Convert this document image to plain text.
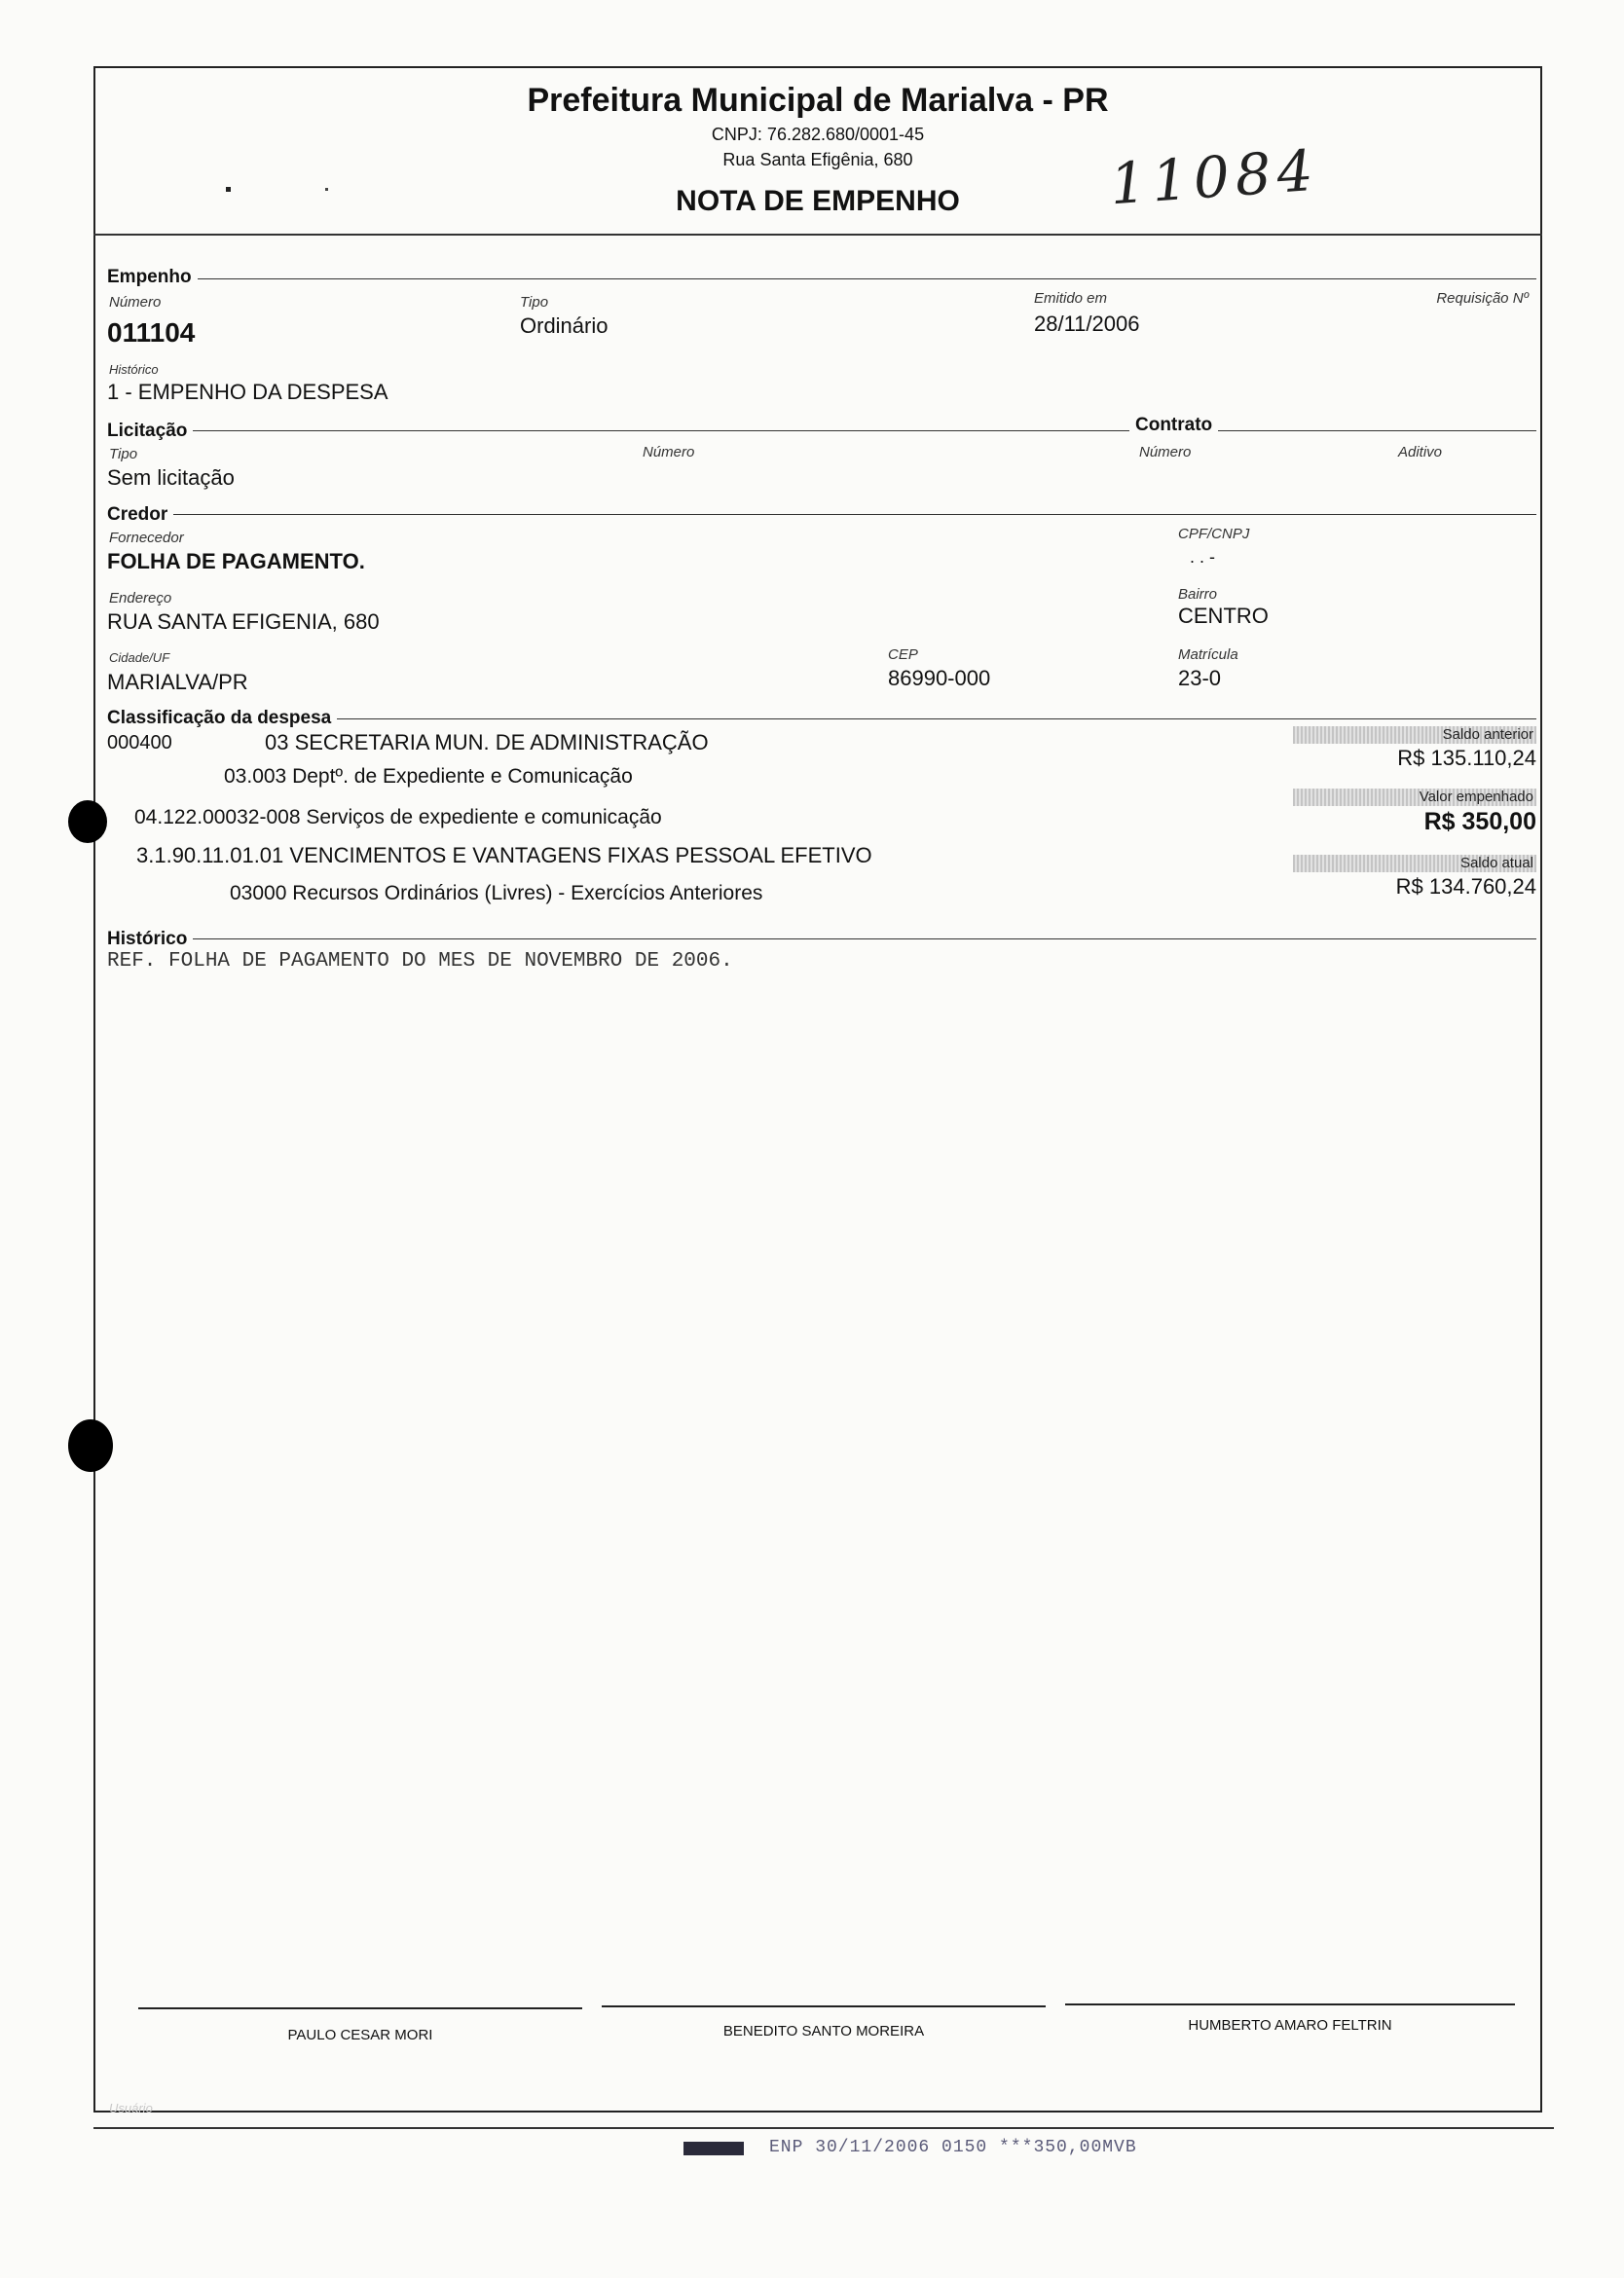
Prefeitura Municipal de Marialva - PR
CNPJ: 76.282.680/0001-45
Rua Santa Efigênia, 680
NOTA DE EMPENHO	11084
Empenho
Número
011104
Tipo
Ordinário
Emitido em
28/11/2006
Requisição Nº
Histórico
1 - EMPENHO DA DESPESA
Licitação	Contrato
Tipo
Sem licitação
Número	Número	Aditivo
Credor
Fornecedor
FOLHA DE PAGAMENTO.
CPF/CNPJ
. . -
Endereço
RUA SANTA EFIGENIA, 680
Bairro
CENTRO
Cidade/UF
MARIALVA/PR
CEP
86990-000
Matrícula
23-0
Classificação da despesa
000400	03 SECRETARIA MUN. DE ADMINISTRAÇÃO
03.003 Deptº. de Expediente e Comunicação
04.122.00032-008 Serviços de expediente e comunicação
3.1.90.11.01.01 VENCIMENTOS E VANTAGENS FIXAS PESSOAL EFETIVO
03000 Recursos Ordinários (Livres) - Exercícios Anteriores
Saldo anterior
R$ 135.110,24
Valor empenhado
R$ 350,00
Saldo atual
R$ 134.760,24
Histórico
REF. FOLHA DE PAGAMENTO DO MES DE NOVEMBRO DE 2006.
PAULO CESAR MORI	BENEDITO SANTO MOREIRA	HUMBERTO AMARO FELTRIN
Usuário
ENP 30/11/2006 0150 ***350,00MVB
